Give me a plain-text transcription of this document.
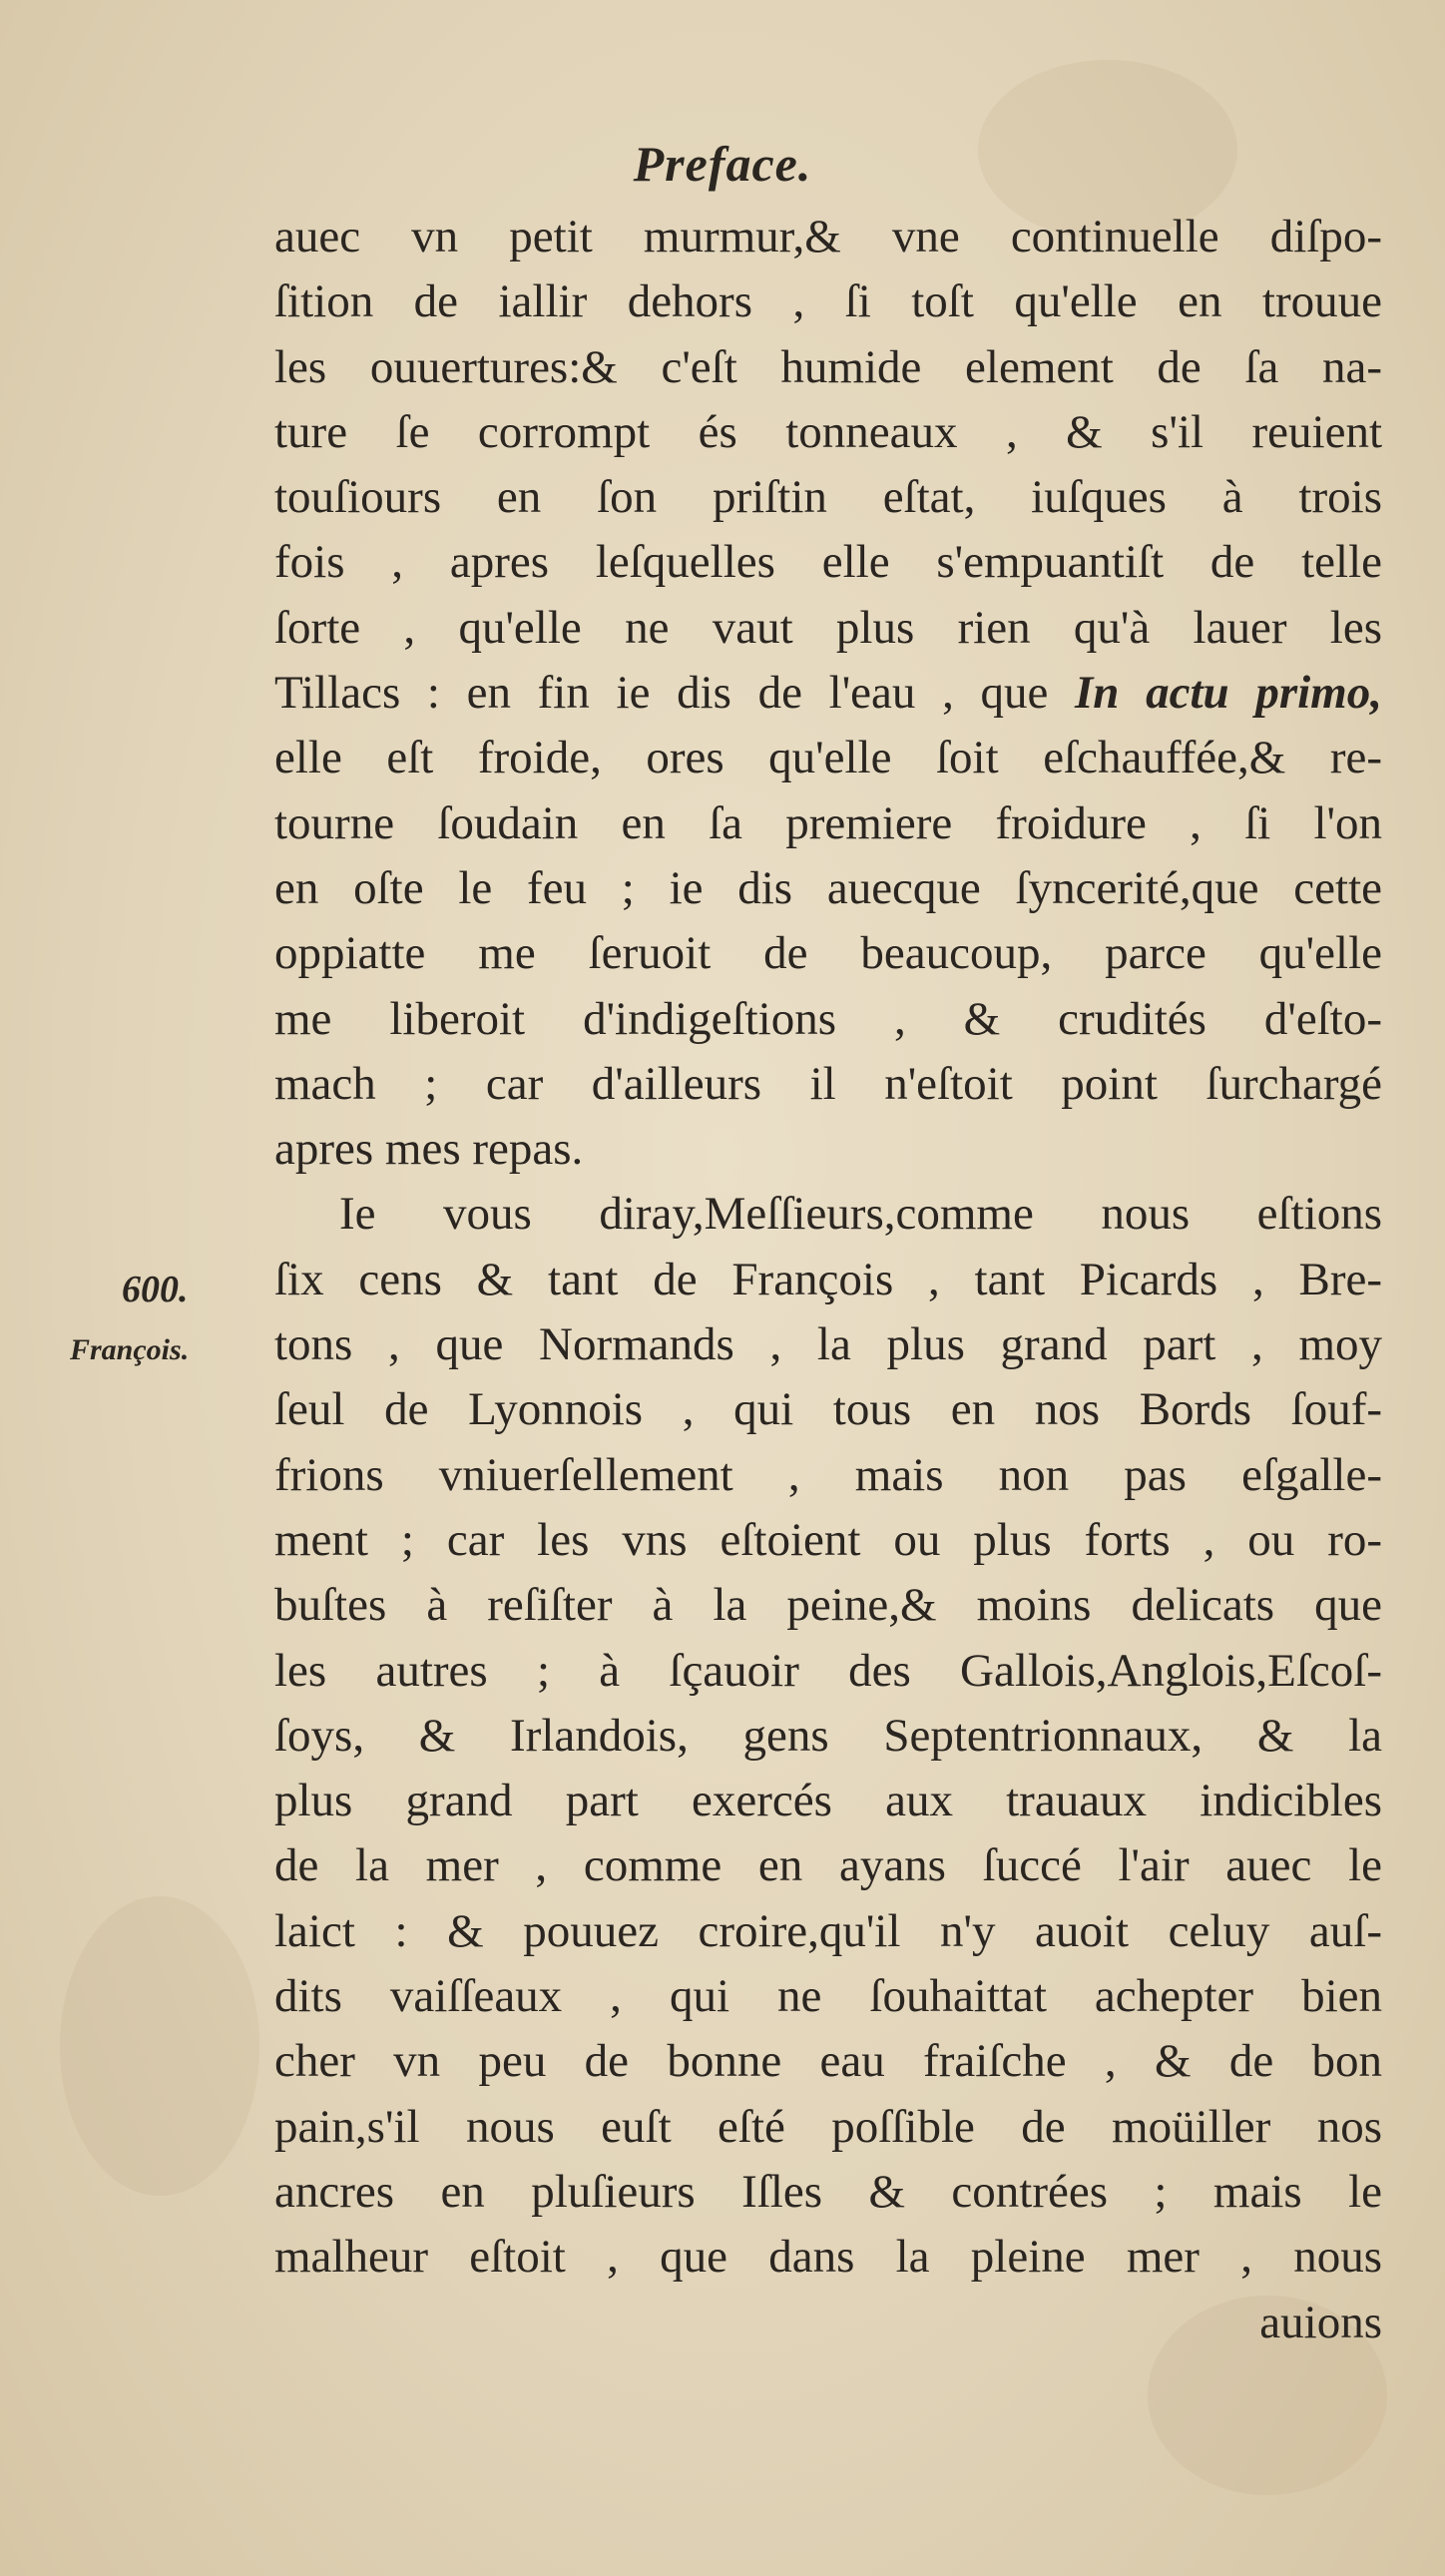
Preface.
600.
François.
auec vn petit murmur,& vne continuelle diſpo-
ſition de iallir dehors , ſi toſt qu'elle en trouue
les ouuertures:& c'eſt humide element de ſa na-
ture ſe corrompt és tonneaux , & s'il reuient
touſiours en ſon priſtin eſtat, iuſques à trois
fois , apres leſquelles elle s'empuantiſt de telle
ſorte , qu'elle ne vaut plus rien qu'à lauer les
Tillacs : en fin ie dis de l'eau , que In actu primo,
elle eſt froide, ores qu'elle ſoit eſchauffée,& re-
tourne ſoudain en ſa premiere froidure , ſi l'on
en oſte le feu ; ie dis auecque ſyncerité,que cette
oppiatte me ſeruoit de beaucoup, parce qu'elle
me liberoit d'indigeſtions , & crudités d'eſto-
mach ; car d'ailleurs il n'eſtoit point ſurchargé
apres mes repas.
Ie vous diray,Meſſieurs,comme nous eſtions
ſix cens & tant de François , tant Picards , Bre-
tons , que Normands , la plus grand part , moy
ſeul de Lyonnois , qui tous en nos Bords ſouf-
frions vniuerſellement , mais non pas eſgalle-
ment ; car les vns eſtoient ou plus forts , ou ro-
buſtes à reſiſter à la peine,& moins delicats que
les autres ; à ſçauoir des Gallois,Anglois,Eſcoſ-
ſoys, & Irlandois, gens Septentrionnaux, & la
plus grand part exercés aux trauaux indicibles
de la mer , comme en ayans ſuccé l'air auec le
laict : & pouuez croire,qu'il n'y auoit celuy auſ-
dits vaiſſeaux , qui ne ſouhaittat achepter bien
cher vn peu de bonne eau fraiſche , & de bon
pain,s'il nous euſt eſté poſſible de moüiller nos
ancres en pluſieurs Iſles & contrées ; mais le
malheur eſtoit , que dans la pleine mer , nous
auions
